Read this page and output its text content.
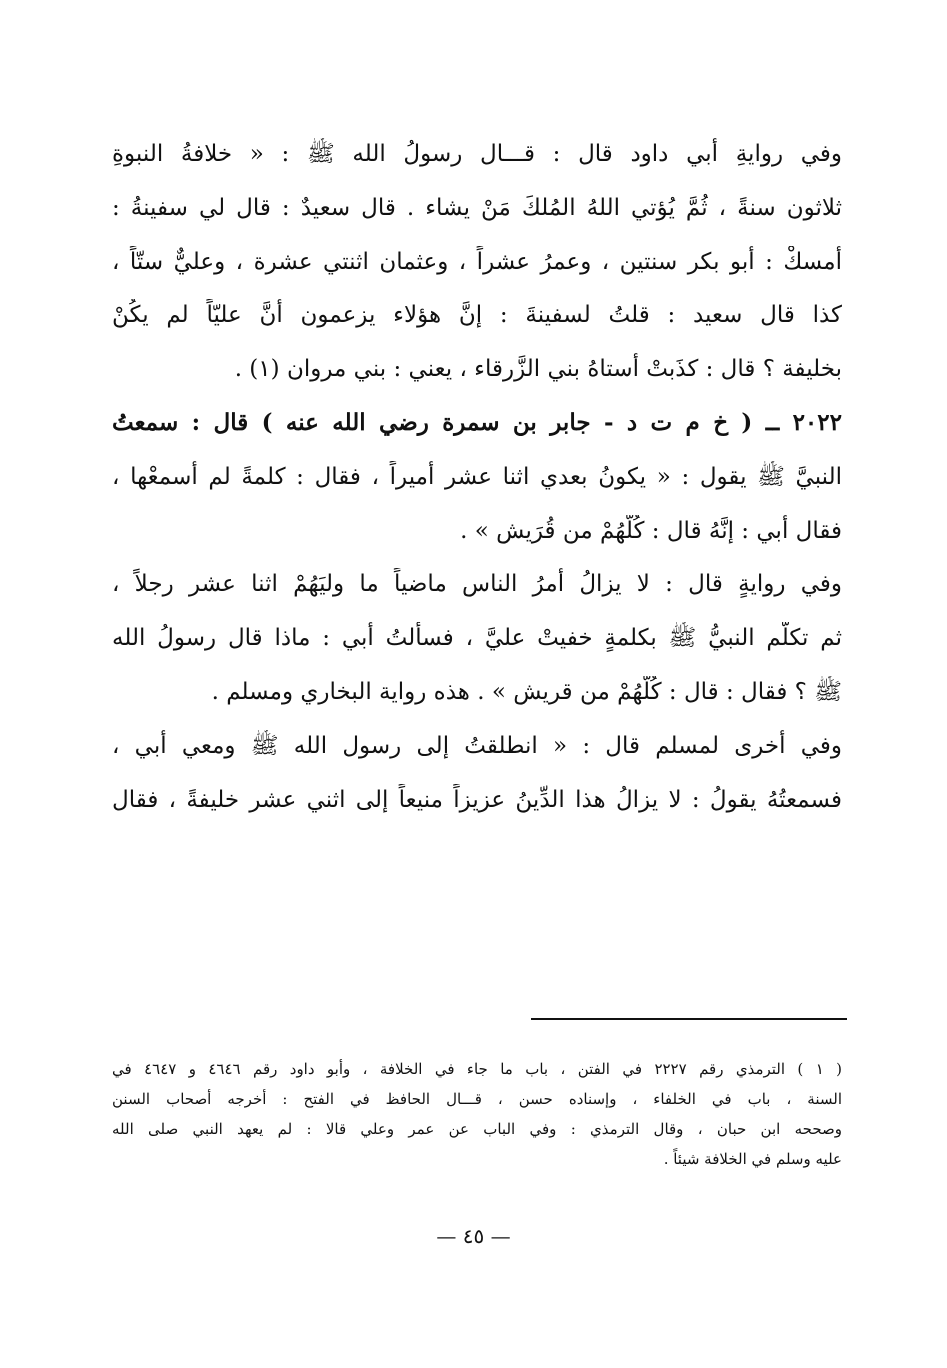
وفي روايةِ أبي داود قال : قـــال رسولُ الله ﷺ : « خلافةُ النبوةِ

ثلاثون سنةً ، ثُمَّ يُؤتي اللهُ المُلكَ مَنْ يشاء . قال سعيدٌ : قال لي سفينةُ :

أمسكْ : أبو بكر سنتين ، وعمرُ عشراً ، وعثمان اثنتي عشرة ، وعليٌّ ستّاً ،

كذا قال سعيد : قلتُ لسفينةَ : إنَّ هؤلاء يزعمون أنَّ عليّاً لم يكُنْ

بخليفة ؟ قال : كذَبتْ أستاهُ بني الزَّرقاء ، يعني : بني مروان (١) .

٢٠٢٢ ــ ( خ م ت د - جابر بن سمرة رضي الله عنه ) قال : سمعتُ

النبيَّ ﷺ يقول : « يكونُ بعدي اثنا عشر أميراً ، فقال : كلمةً لم أسمعْها ،

فقال أبي : إنَّهُ قال : كُلُّهُمْ من قُرَيش » .

وفي روايةٍ قال : لا يزالُ أمرُ الناس ماضياً ما وليَهُمْ اثنا عشر رجلاً ،

ثم تكلَّم النبيُّ ﷺ بكلمةٍ خفيتْ عليَّ ، فسألتُ أبي : ماذا قال رسولُ الله

ﷺ ؟ فقال : قال : كُلُّهُمْ من قريش » . هذه رواية البخاري ومسلم .

وفي أخرى لمسلم قال : « انطلقتُ إلى رسول الله ﷺ ومعي أبي ،

فسمعتُهُ يقولُ : لا يزالُ هذا الدِّينُ عزيزاً منيعاً إلى اثني عشر خليفةً ، فقال

( ١ ) الترمذي رقم ٢٢٢٧ في الفتن ، باب ما جاء في الخلافة ، وأبو داود رقم ٤٦٤٦ و ٤٦٤٧ في

السنة ، باب في الخلفاء ، وإسناده حسن ، قـــال الحافظ في الفتح : أخرجه أصحاب السنن

وصححه ابن حبان ، وقال الترمذي : وفي الباب عن عمر وعلي قالا : لم يعهد النبي صلى الله

عليه وسلم في الخلافة شيئاً .

— ٤٥ —
